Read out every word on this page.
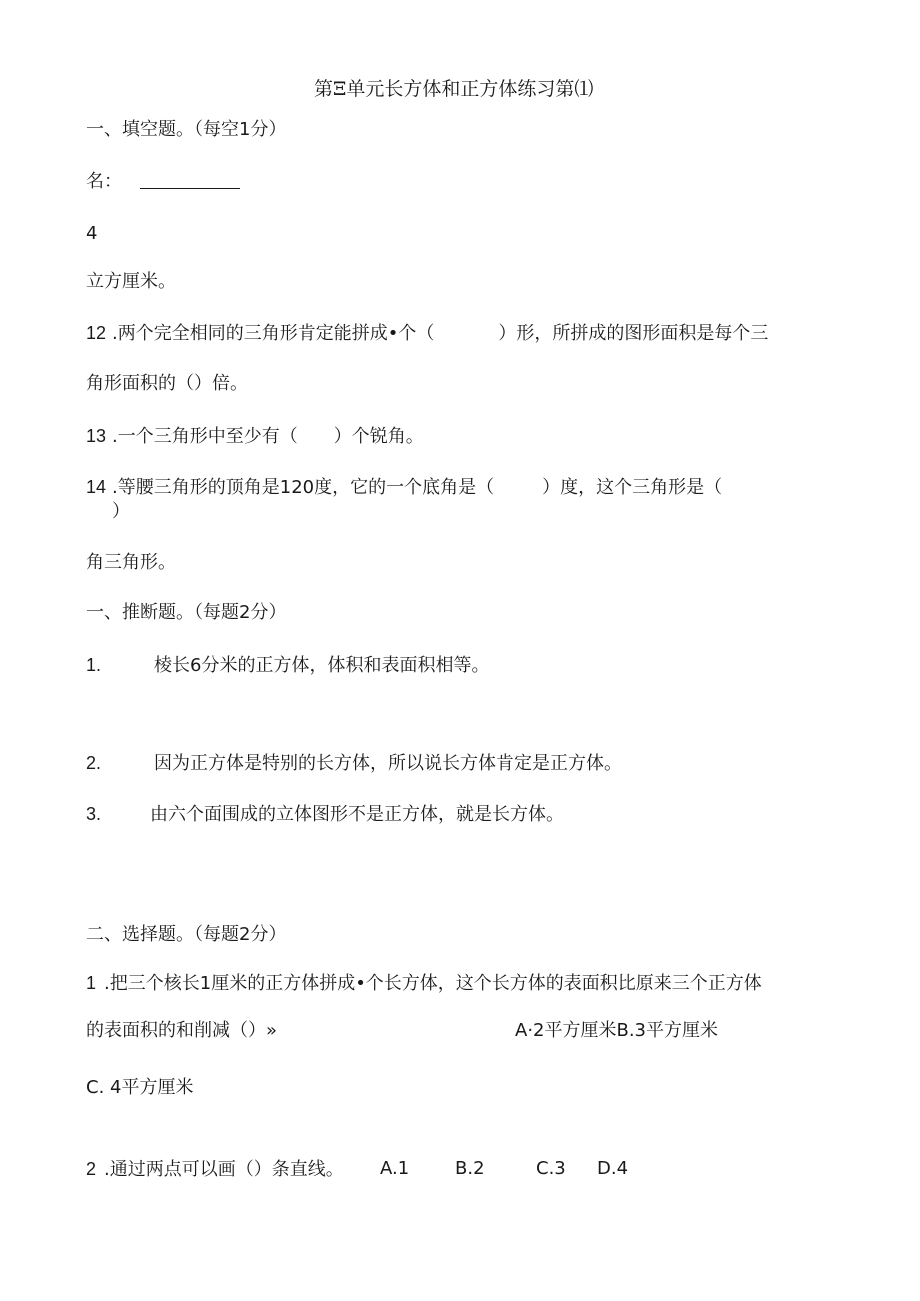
第Ξ单元长方体和正方体练习第⑴
一、填空题。（每空1分）
名：
4
立方厘米。
12 .两个完全相同的三角形肯定能拼成•个（	）形，所拼成的图形面积是每个三
角形面积的（）倍。
13 .一个三角形中至少有（　　）个锐角。
14 .等腰三角形的顶角是120度，它的一个底角是（	）度，这个三角形是（
）
角三角形。
一、推断题。（每题2分）
1.	棱长6分米的正方体，体积和表面积相等。
2.	因为正方体是特别的长方体，所以说长方体肯定是正方体。
3.	由六个面围成的立体图形不是正方体，就是长方体。
二、选择题。（每题2分）
1 .把三个核长1厘米的正方体拼成•个长方体，这个长方体的表面积比原来三个正方体
的表面积的和削减（）»	A·2平方厘米B.3平方厘米
C. 4平方厘米
2 .通过两点可以画（）条直线。 A.1	B.2	C.3 D.4
